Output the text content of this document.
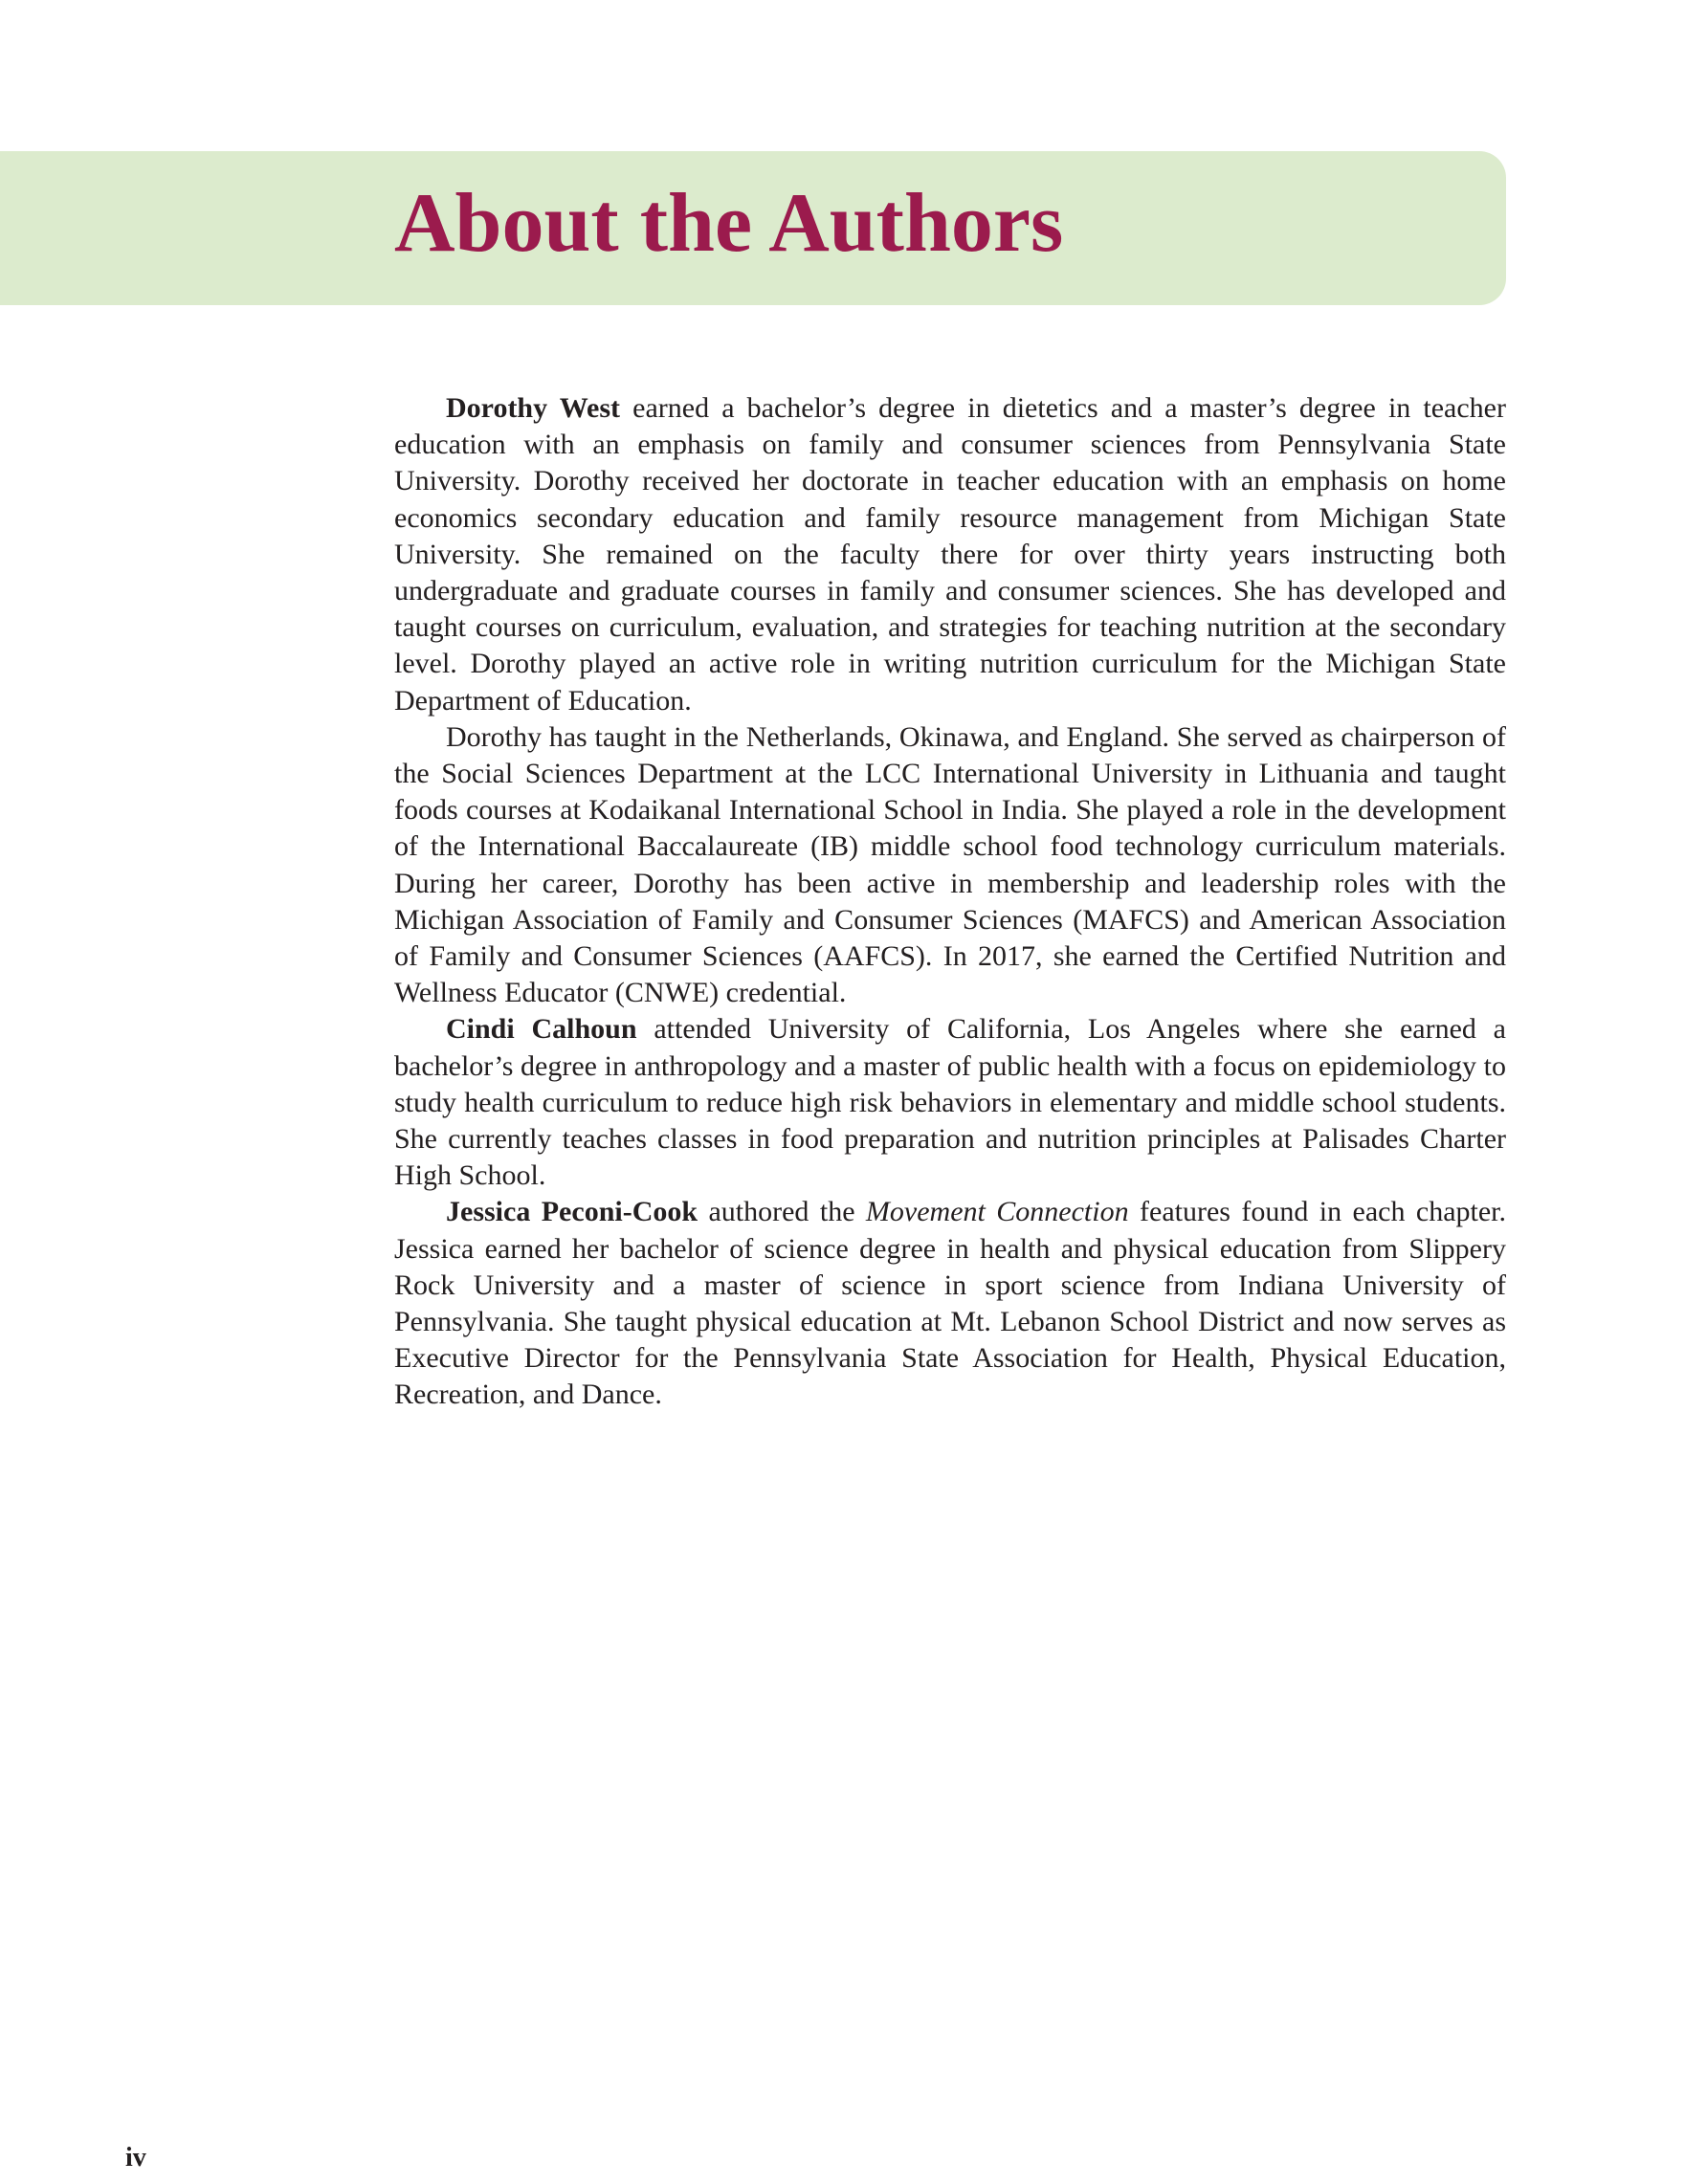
About the Authors

Dorothy West earned a bachelor’s degree in dietetics and a master’s degree in teacher education with an emphasis on family and consumer sciences from Pennsylvania State University. Dorothy received her doctorate in teacher education with an emphasis on home economics secondary education and family resource management from Michigan State University. She remained on the faculty there for over thirty years instructing both undergraduate and graduate courses in family and consumer sciences. She has developed and taught courses on curriculum, evaluation, and strategies for teaching nutrition at the secondary level. Dorothy played an active role in writing nutrition curriculum for the Michigan State Department of Education.

Dorothy has taught in the Netherlands, Okinawa, and England. She served as chairperson of the Social Sciences Department at the LCC International University in Lithuania and taught foods courses at Kodaikanal International School in India. She played a role in the development of the International Baccalaureate (IB) middle school food technology curriculum materials. During her career, Dorothy has been active in membership and leadership roles with the Michigan Association of Family and Consumer Sciences (MAFCS) and American Association of Family and Consumer Sciences (AAFCS). In 2017, she earned the Certified Nutrition and Wellness Educator (CNWE) credential.

Cindi Calhoun attended University of California, Los Angeles where she earned a bachelor’s degree in anthropology and a master of public health with a focus on epidemiology to study health curriculum to reduce high risk behaviors in elementary and middle school students. She currently teaches classes in food preparation and nutrition principles at Palisades Charter High School.

Jessica Peconi-Cook authored the Movement Connection features found in each chapter. Jessica earned her bachelor of science degree in health and physical education from Slippery Rock University and a master of science in sport science from Indiana University of Pennsylvania. She taught physical education at Mt. Lebanon School District and now serves as Executive Director for the Pennsylvania State Association for Health, Physical Education, Recreation, and Dance.

iv
